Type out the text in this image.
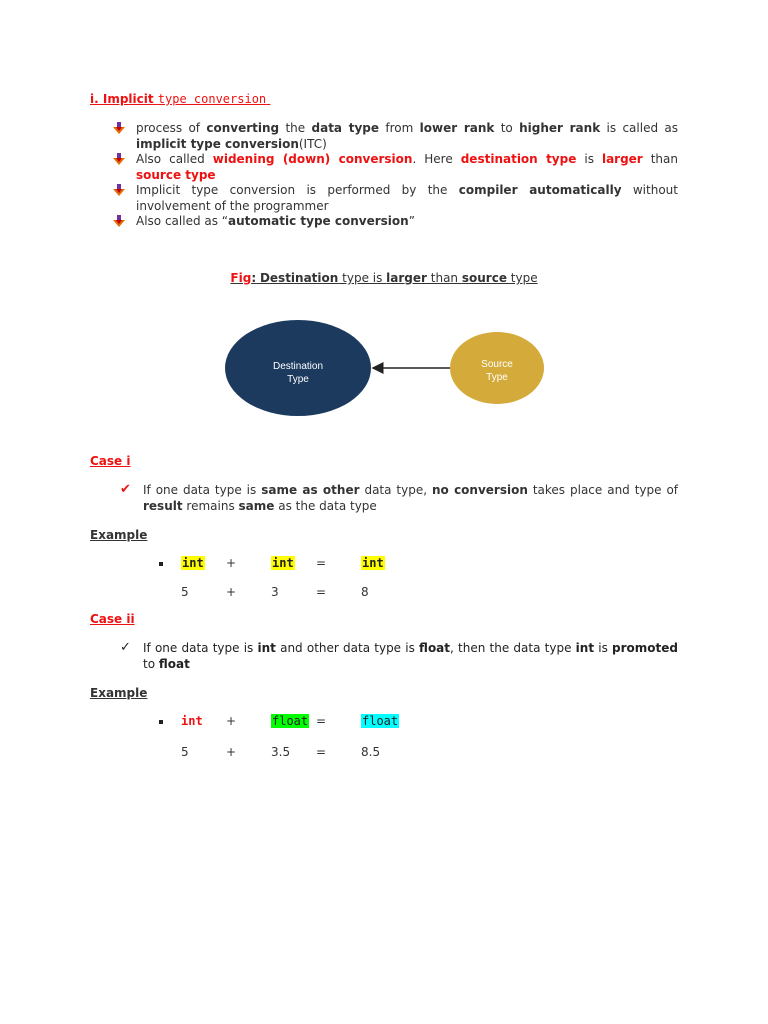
i. Implicit type conversion
process of converting the data type from lower rank to higher rank is called as implicit type conversion(ITC)
Also called widening (down) conversion. Here destination type is larger than source type
Implicit type conversion is performed by the compiler automatically without involvement of the programmer
Also called as “automatic type conversion”
Fig: Destination type is larger than source type
Destination
Type
Source
Type
Case i
✔ If one data type is same as other data type, no conversion takes place and type of result remains same as the data type
Example
int +	int =	int
5	+	3	=	8
Case ii
✓ If one data type is int and other data type is float, then the data type int is promoted to float
Example
int +	float =	float
5	+	3.5 =	8.5
